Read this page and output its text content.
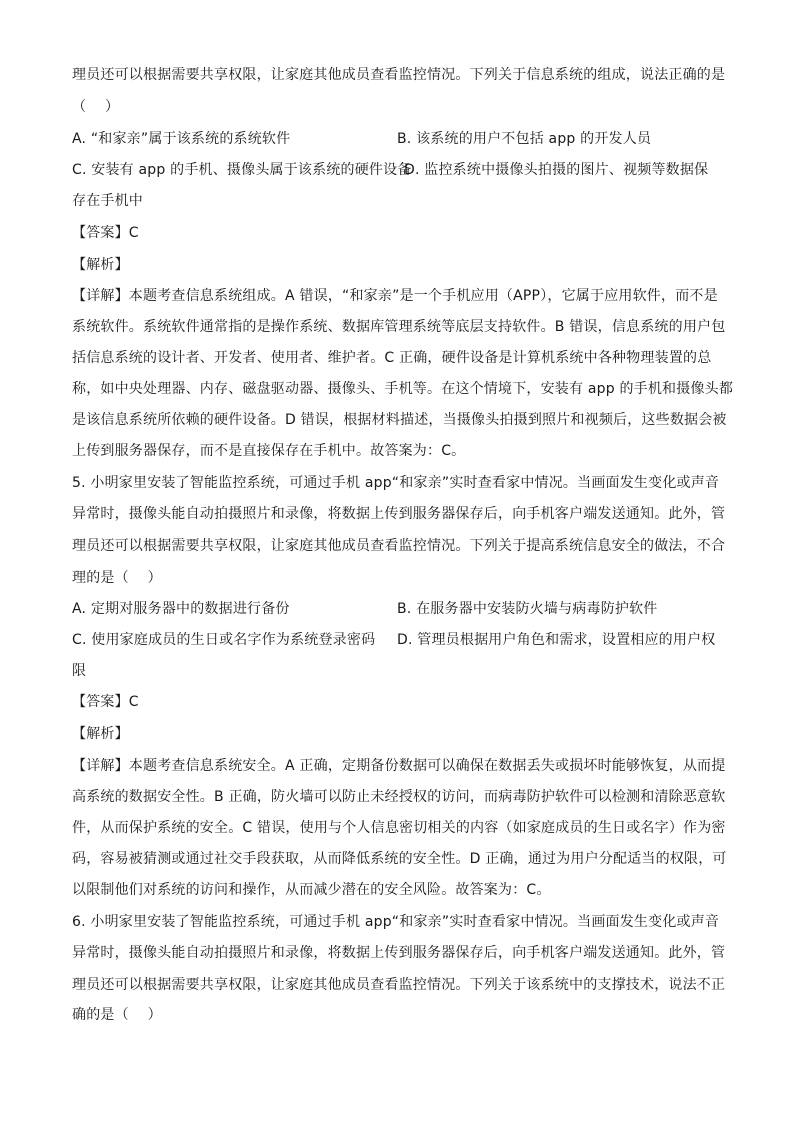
理员还可以根据需要共享权限，让家庭其他成员查看监控情况。下列关于信息系统的组成，说法正确的是
（　 ）
A. “和家亲”属于该系统的系统软件	B. 该系统的用户不包括 app 的开发人员
C. 安装有 app 的手机、摄像头属于该系统的硬件设备
D. 监控系统中摄像头拍摄的图片、视频等数据保
存在手机中
【答案】C
【解析】
【详解】本题考查信息系统组成。A 错误，“和家亲”是一个手机应用（APP），它属于应用软件，而不是
系统软件。系统软件通常指的是操作系统、数据库管理系统等底层支持软件。B 错误，信息系统的用户包
括信息系统的设计者、开发者、使用者、维护者。C 正确，硬件设备是计算机系统中各种物理装置的总
称，如中央处理器、内存、磁盘驱动器、摄像头、手机等。在这个情境下，安装有 app 的手机和摄像头都
是该信息系统所依赖的硬件设备。D 错误，根据材料描述，当摄像头拍摄到照片和视频后，这些数据会被
上传到服务器保存，而不是直接保存在手机中。故答案为：C。
5. 小明家里安装了智能监控系统，可通过手机 app“和家亲”实时查看家中情况。当画面发生变化或声音
异常时，摄像头能自动拍摄照片和录像，将数据上传到服务器保存后，向手机客户端发送通知。此外，管
理员还可以根据需要共享权限，让家庭其他成员查看监控情况。下列关于提高系统信息安全的做法，不合
理的是（　 ）
A. 定期对服务器中的数据进行备份	B. 在服务器中安装防火墙与病毒防护软件
C. 使用家庭成员的生日或名字作为系统登录密码 D. 管理员根据用户角色和需求，设置相应的用户权
限
【答案】C
【解析】
【详解】本题考查信息系统安全。A 正确，定期备份数据可以确保在数据丢失或损坏时能够恢复，从而提
高系统的数据安全性。B 正确，防火墙可以防止未经授权的访问，而病毒防护软件可以检测和清除恶意软
件，从而保护系统的安全。C 错误，使用与个人信息密切相关的内容（如家庭成员的生日或名字）作为密
码，容易被猜测或通过社交手段获取，从而降低系统的安全性。D 正确，通过为用户分配适当的权限，可
以限制他们对系统的访问和操作，从而减少潜在的安全风险。故答案为：C。
6. 小明家里安装了智能监控系统，可通过手机 app“和家亲”实时查看家中情况。当画面发生变化或声音
异常时，摄像头能自动拍摄照片和录像，将数据上传到服务器保存后，向手机客户端发送通知。此外，管
理员还可以根据需要共享权限，让家庭其他成员查看监控情况。下列关于该系统中的支撑技术，说法不正
确的是（　 ）
